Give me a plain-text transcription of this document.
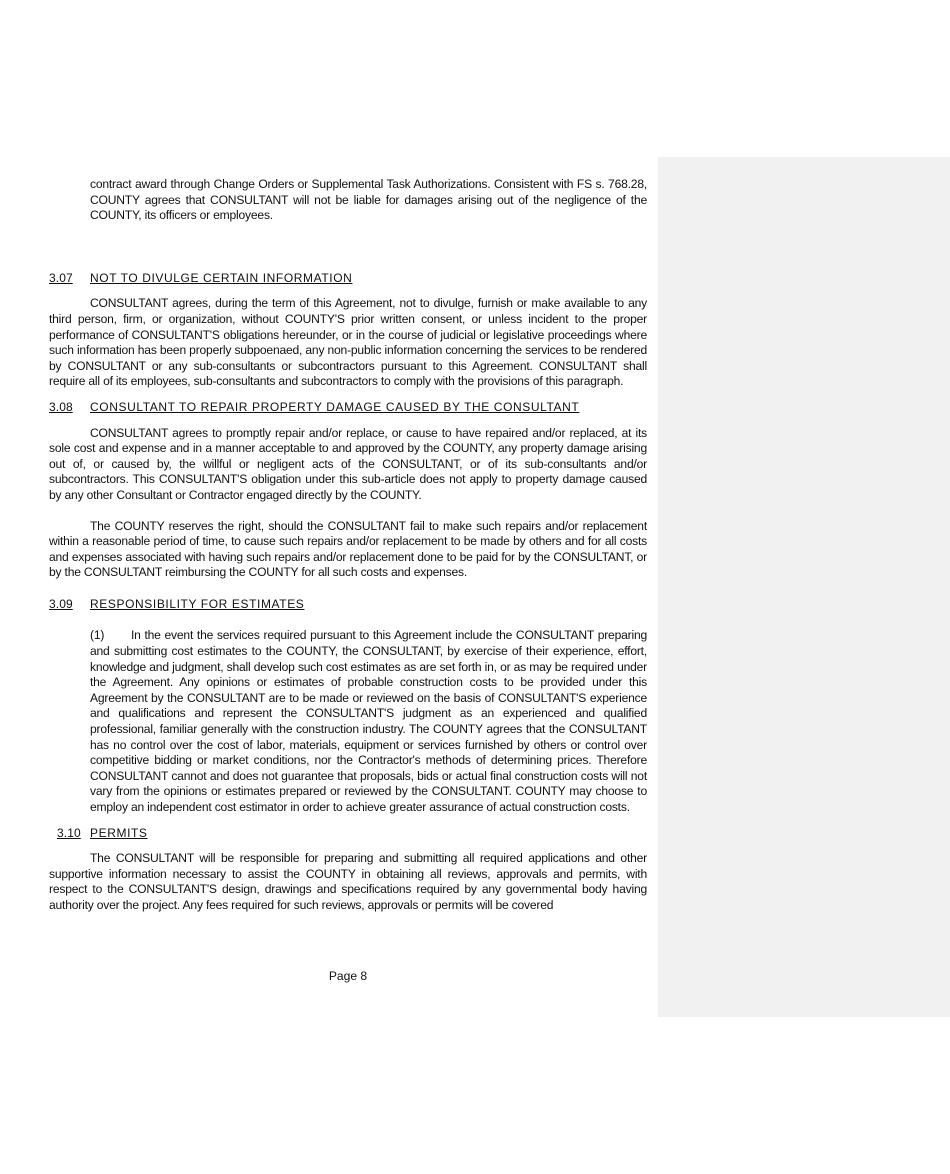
contract award through Change Orders or Supplemental Task Authorizations. Consistent with FS s. 768.28, COUNTY agrees that CONSULTANT will not be liable for damages arising out of the negligence of the COUNTY, its officers or employees.

3.07	NOT TO DIVULGE CERTAIN INFORMATION

CONSULTANT agrees, during the term of this Agreement, not to divulge, furnish or make available to any third person, firm, or organization, without COUNTY'S prior written consent, or unless incident to the proper performance of CONSULTANT'S obligations hereunder, or in the course of judicial or legislative proceedings where such information has been properly subpoenaed, any non-public information concerning the services to be rendered by CONSULTANT or any sub-consultants or subcontractors pursuant to this Agreement. CONSULTANT shall require all of its employees, sub-consultants and subcontractors to comply with the provisions of this paragraph.

3.08	CONSULTANT TO REPAIR PROPERTY DAMAGE CAUSED BY THE CONSULTANT

CONSULTANT agrees to promptly repair and/or replace, or cause to have repaired and/or replaced, at its sole cost and expense and in a manner acceptable to and approved by the COUNTY, any property damage arising out of, or caused by, the willful or negligent acts of the CONSULTANT, or of its sub-consultants and/or subcontractors. This CONSULTANT'S obligation under this sub-article does not apply to property damage caused by any other Consultant or Contractor engaged directly by the COUNTY.

The COUNTY reserves the right, should the CONSULTANT fail to make such repairs and/or replacement within a reasonable period of time, to cause such repairs and/or replacement to be made by others and for all costs and expenses associated with having such repairs and/or replacement done to be paid for by the CONSULTANT, or by the CONSULTANT reimbursing the COUNTY for all such costs and expenses.

3.09	RESPONSIBILITY FOR ESTIMATES
(1)	In the event the services required pursuant to this Agreement include the CONSULTANT preparing and submitting cost estimates to the COUNTY, the CONSULTANT, by exercise of their experience, effort, knowledge and judgment, shall develop such cost estimates as are set forth in, or as may be required under the Agreement. Any opinions or estimates of probable construction costs to be provided under this Agreement by the CONSULTANT are to be made or reviewed on the basis of CONSULTANT'S experience and qualifications and represent the CONSULTANT'S judgment as an experienced and qualified professional, familiar generally with the construction industry. The COUNTY agrees that the CONSULTANT has no control over the cost of labor, materials, equipment or services furnished by others or control over competitive bidding or market conditions, nor the Contractor's methods of determining prices. Therefore CONSULTANT cannot and does not guarantee that proposals, bids or actual final construction costs will not vary from the opinions or estimates prepared or reviewed by the CONSULTANT. COUNTY may choose to employ an independent cost estimator in order to achieve greater assurance of actual construction costs.
3.10 PERMITS

The CONSULTANT will be responsible for preparing and submitting all required applications and other supportive information necessary to assist the COUNTY in obtaining all reviews, approvals and permits, with respect to the CONSULTANT'S design, drawings and specifications required by any governmental body having authority over the project. Any fees required for such reviews, approvals or permits will be covered

Page 8
